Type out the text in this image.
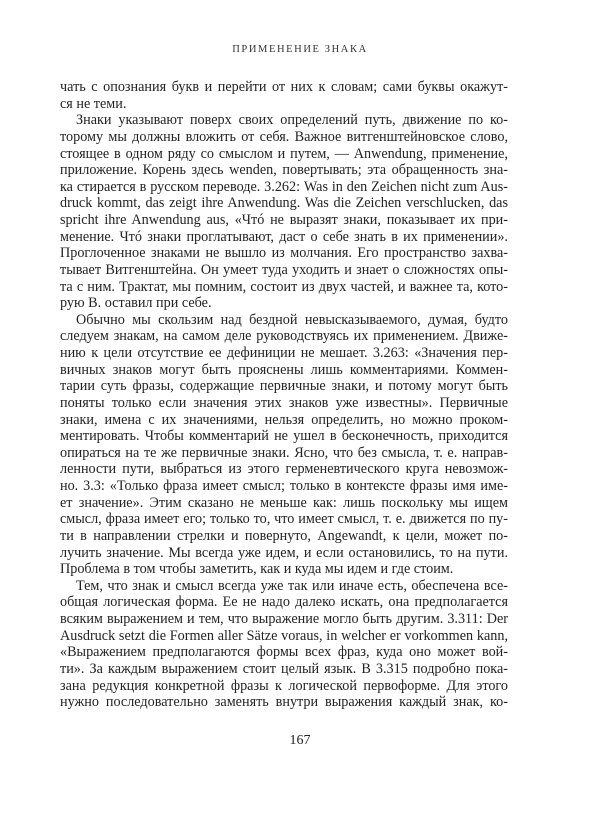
ПРИМЕНЕНИЕ ЗНАКА
чать с опознания букв и перейти от них к словам; сами буквы окажут-
ся не теми.
Знаки указывают поверх своих определений путь, движение по ко-
торому мы должны вложить от себя. Важное витгенштейновское слово,
стоящее в одном ряду со смыслом и путем, — Anwendung, применение,
приложение. Корень здесь wenden, повертывать; эта обращенность зна-
ка стирается в русском переводе. 3.262: Was in den Zeichen nicht zum Aus-
druck kommt, das zeigt ihre Anwendung. Was die Zeichen verschlucken, das
spricht ihre Anwendung aus, «Чтó не выразят знаки, показывает их при-
менение. Чтó знаки проглатывают, даст о себе знать в их применении».
Проглоченное знаками не вышло из молчания. Его пространство захва-
тывает Витгенштейна. Он умеет туда уходить и знает о сложностях опы-
та с ним. Трактат, мы помним, состоит из двух частей, и важнее та, кото-
рую В. оставил при себе.
Обычно мы скользим над бездной невысказываемого, думая, будто
следуем знакам, на самом деле руководствуясь их применением. Движе-
нию к цели отсутствие ее дефиниции не мешает. 3.263: «Значения пер-
вичных знаков могут быть прояснены лишь комментариями. Коммен-
тарии суть фразы, содержащие первичные знаки, и потому могут быть
поняты только если значения этих знаков уже известны». Первичные
знаки, имена с их значениями, нельзя определить, но можно проком-
ментировать. Чтобы комментарий не ушел в бесконечность, приходится
опираться на те же первичные знаки. Ясно, что без смысла, т. е. направ-
ленности пути, выбраться из этого герменевтического круга невозмож-
но. 3.3: «Только фраза имеет смысл; только в контексте фразы имя име-
ет значение». Этим сказано не меньше как: лишь поскольку мы ищем
смысл, фраза имеет его; только то, что имеет смысл, т. е. движется по пу-
ти в направлении стрелки и повернуто, Angewandt, к цели, может по-
лучить значение. Мы всегда уже идем, и если остановились, то на пути.
Проблема в том чтобы заметить, как и куда мы идем и где стоим.
Тем, что знак и смысл всегда уже так или иначе есть, обеспечена все-
общая логическая форма. Ее не надо далеко искать, она предполагается
всяким выражением и тем, что выражение могло быть другим. 3.311: Der
Ausdruck setzt die Formen aller Sätze voraus, in welcher er vorkommen kann,
«Выражением предполагаются формы всех фраз, куда оно может вой-
ти». За каждым выражением стоит целый язык. В 3.315 подробно пока-
зана редукция конкретной фразы к логической первоформе. Для этого
нужно последовательно заменять внутри выражения каждый знак, ко-
167
